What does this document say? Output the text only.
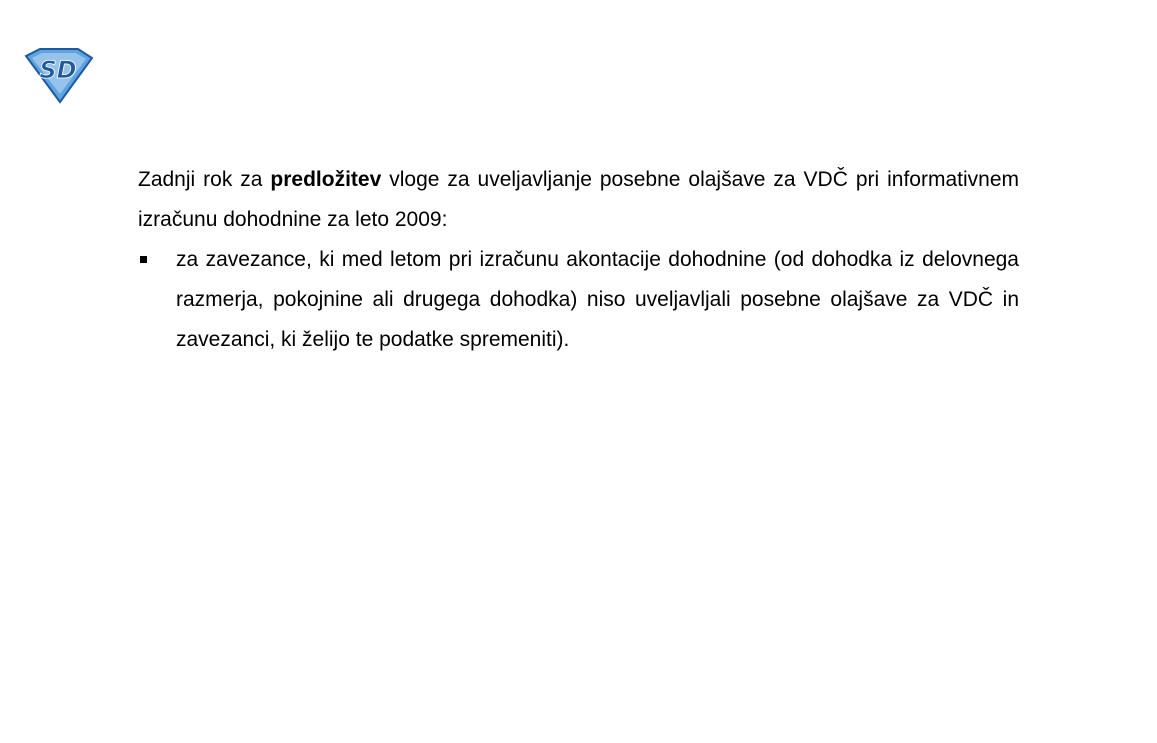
SD

Zadnji rok za predložitev vloge za uveljavljanje posebne olajšave za VDČ pri informativnem izračunu dohodnine za leto 2009:

za zavezance, ki med letom pri izračunu akontacije dohodnine (od dohodka iz delovnega razmerja, pokojnine ali drugega dohodka) niso uveljavljali posebne olajšave za VDČ in zavezanci, ki želijo te podatke spremeniti).
